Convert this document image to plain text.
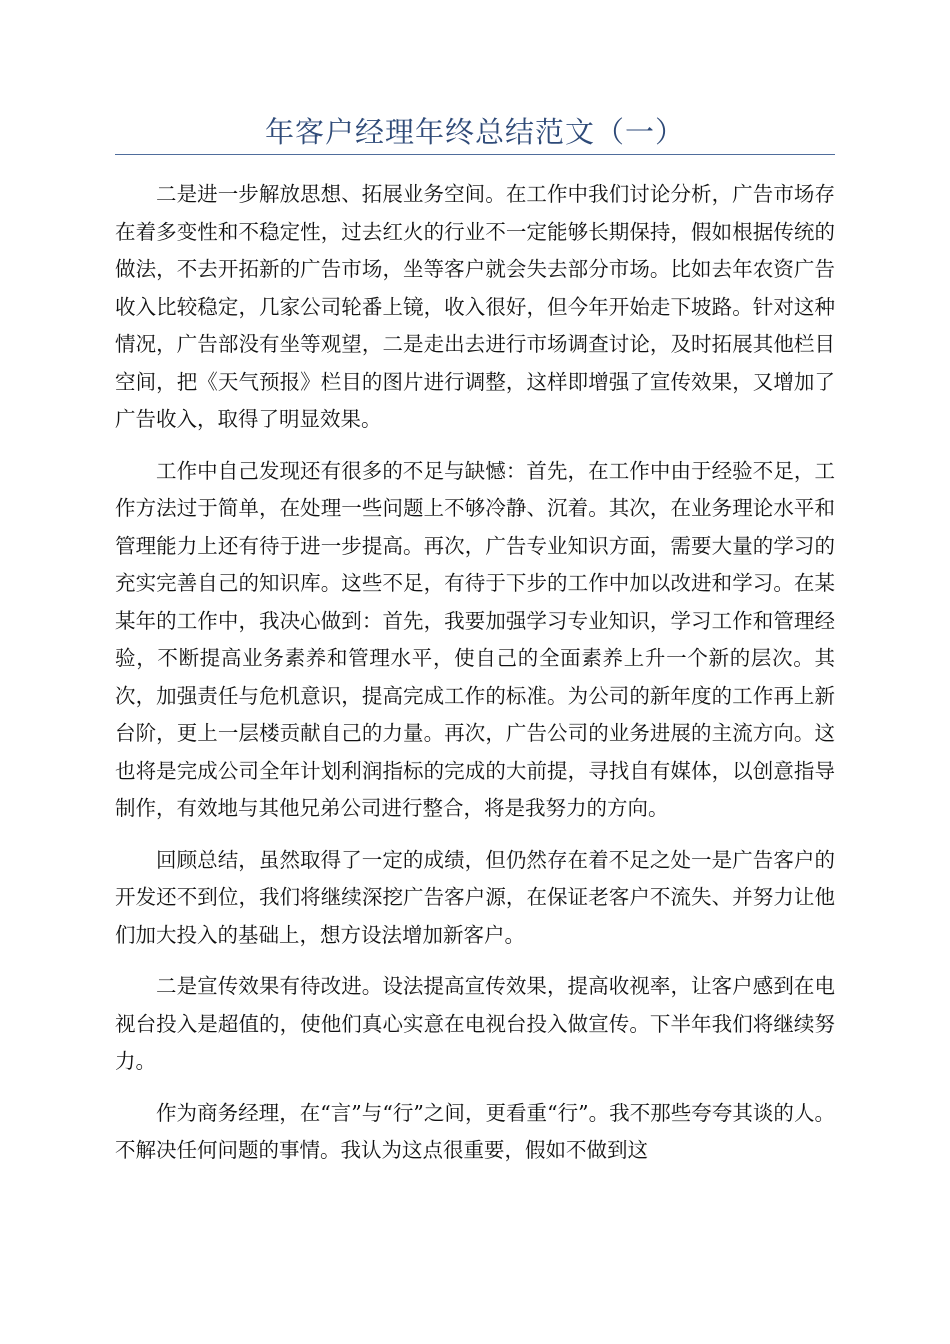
年客户经理年终总结范文（一）

二是进一步解放思想、拓展业务空间。在工作中我们讨论分析，广告市场存在着多变性和不稳定性，过去红火的行业不一定能够长期保持，假如根据传统的做法，不去开拓新的广告市场，坐等客户就会失去部分市场。比如去年农资广告收入比较稳定，几家公司轮番上镜，收入很好，但今年开始走下坡路。针对这种情况，广告部没有坐等观望，二是走出去进行市场调查讨论，及时拓展其他栏目空间，把《天气预报》栏目的图片进行调整，这样即增强了宣传效果，又增加了广告收入，取得了明显效果。

工作中自己发现还有很多的不足与缺憾：首先，在工作中由于经验不足，工作方法过于简单，在处理一些问题上不够冷静、沉着。其次，在业务理论水平和管理能力上还有待于进一步提高。再次，广告专业知识方面，需要大量的学习的充实完善自己的知识库。这些不足，有待于下步的工作中加以改进和学习。在某某年的工作中，我决心做到：首先，我要加强学习专业知识，学习工作和管理经验，不断提高业务素养和管理水平，使自己的全面素养上升一个新的层次。其次，加强责任与危机意识，提高完成工作的标准。为公司的新年度的工作再上新台阶，更上一层楼贡献自己的力量。再次，广告公司的业务进展的主流方向。这也将是完成公司全年计划利润指标的完成的大前提，寻找自有媒体，以创意指导制作，有效地与其他兄弟公司进行整合，将是我努力的方向。

回顾总结，虽然取得了一定的成绩，但仍然存在着不足之处一是广告客户的开发还不到位，我们将继续深挖广告客户源，在保证老客户不流失、并努力让他们加大投入的基础上，想方设法增加新客户。

二是宣传效果有待改进。设法提高宣传效果，提高收视率，让客户感到在电视台投入是超值的，使他们真心实意在电视台投入做宣传。下半年我们将继续努力。

作为商务经理，在“言”与“行”之间，更看重“行”。我不那些夸夸其谈的人。不解决任何问题的事情。我认为这点很重要，假如不做到这
